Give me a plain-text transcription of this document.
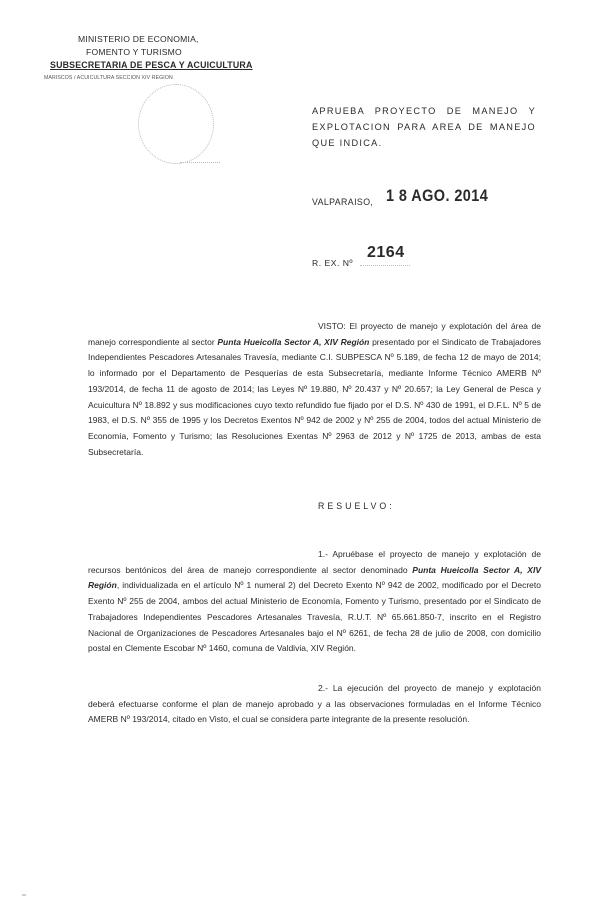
MINISTERIO DE ECONOMIA,
FOMENTO Y TURISMO
SUBSECRETARIA DE PESCA Y ACUICULTURA
MARISCOS / ACUICULTURA SECCION XIV REGION
APRUEBA PROYECTO DE MANEJO Y EXPLOTACION PARA AREA DE MANEJO QUE INDICA.
VALPARAISO, 1 8 AGO. 2014
R. EX. Nº
2164
VISTO: El proyecto de manejo y explotación del área de manejo correspondiente al sector Punta Hueicolla Sector A, XIV Región presentado por el Sindicato de Trabajadores Independientes Pescadores Artesanales Travesía, mediante C.I. SUBPESCA Nº 5.189, de fecha 12 de mayo de 2014; lo informado por el Departamento de Pesquerías de esta Subsecretaría, mediante Informe Técnico AMERB Nº 193/2014, de fecha 11 de agosto de 2014; las Leyes Nº 19.880, Nº 20.437 y Nº 20.657; la Ley General de Pesca y Acuicultura Nº 18.892 y sus modificaciones cuyo texto refundido fue fijado por el D.S. Nº 430 de 1991, el D.F.L. Nº 5 de 1983, el D.S. Nº 355 de 1995 y los Decretos Exentos Nº 942 de 2002 y Nº 255 de 2004, todos del actual Ministerio de Economía, Fomento y Turismo; las Resoluciones Exentas Nº 2963 de 2012 y Nº 1725 de 2013, ambas de esta Subsecretaría.
RESUELVO:
1.- Apruébase el proyecto de manejo y explotación de recursos bentónicos del área de manejo correspondiente al sector denominado Punta Hueicolla Sector A, XIV Región, individualizada en el artículo Nº 1 numeral 2) del Decreto Exento Nº 942 de 2002, modificado por el Decreto Exento Nº 255 de 2004, ambos del actual Ministerio de Economía, Fomento y Turismo, presentado por el Sindicato de Trabajadores Independientes Pescadores Artesanales Travesía, R.U.T. Nº 65.661.850-7, inscrito en el Registro Nacional de Organizaciones de Pescadores Artesanales bajo el Nº 6261, de fecha 28 de julio de 2008, con domicilio postal en Clemente Escobar Nº 1460, comuna de Valdivia, XIV Región.
2.- La ejecución del proyecto de manejo y explotación deberá efectuarse conforme el plan de manejo aprobado y a las observaciones formuladas en el Informe Técnico AMERB Nº 193/2014, citado en Visto, el cual se considera parte integrante de la presente resolución.
